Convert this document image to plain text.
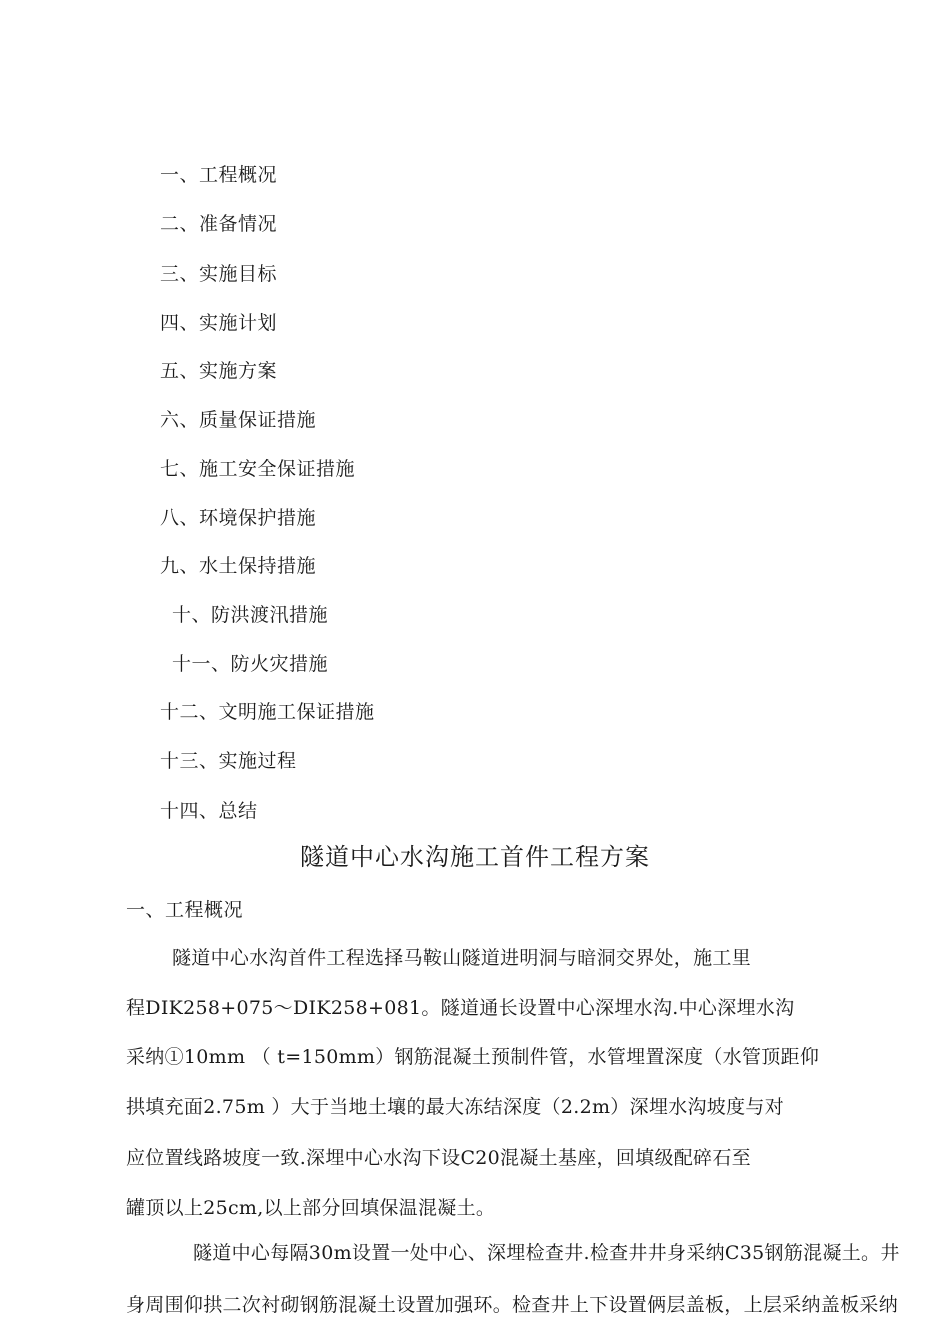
一、工程概况
二、准备情况
三、实施目标
四、实施计划
五、实施方案
六、质量保证措施
七、施工安全保证措施
八、环境保护措施
九、水土保持措施
十、防洪渡汛措施
十一、防火灾措施
十二、文明施工保证措施
十三、实施过程
十四、总结
隧道中心水沟施工首件工程方案
一、工程概况
隧道中心水沟首件工程选择马鞍山隧道进明洞与暗洞交界处，施工里
程DIK258+075〜DIK258+081。隧道通长设置中心深埋水沟.中心深埋水沟
采纳①10mm （ t=150mm）钢筋混凝土预制件管，水管埋置深度（水管顶距仰
拱填充面2.75m ）大于当地土壤的最大冻结深度（2.2m）深埋水沟坡度与对
应位置线路坡度一致.深埋中心水沟下设C20混凝土基座，回填级配碎石至
罐顶以上25cm,以上部分回填保温混凝土。
隧道中心每隔30m设置一处中心、深埋检查井.检查井井身采纳C35钢筋混凝土。井
身周围仰拱二次衬砌钢筋混凝土设置加强环。检查井上下设置俩层盖板，上层采纳盖板采纳
